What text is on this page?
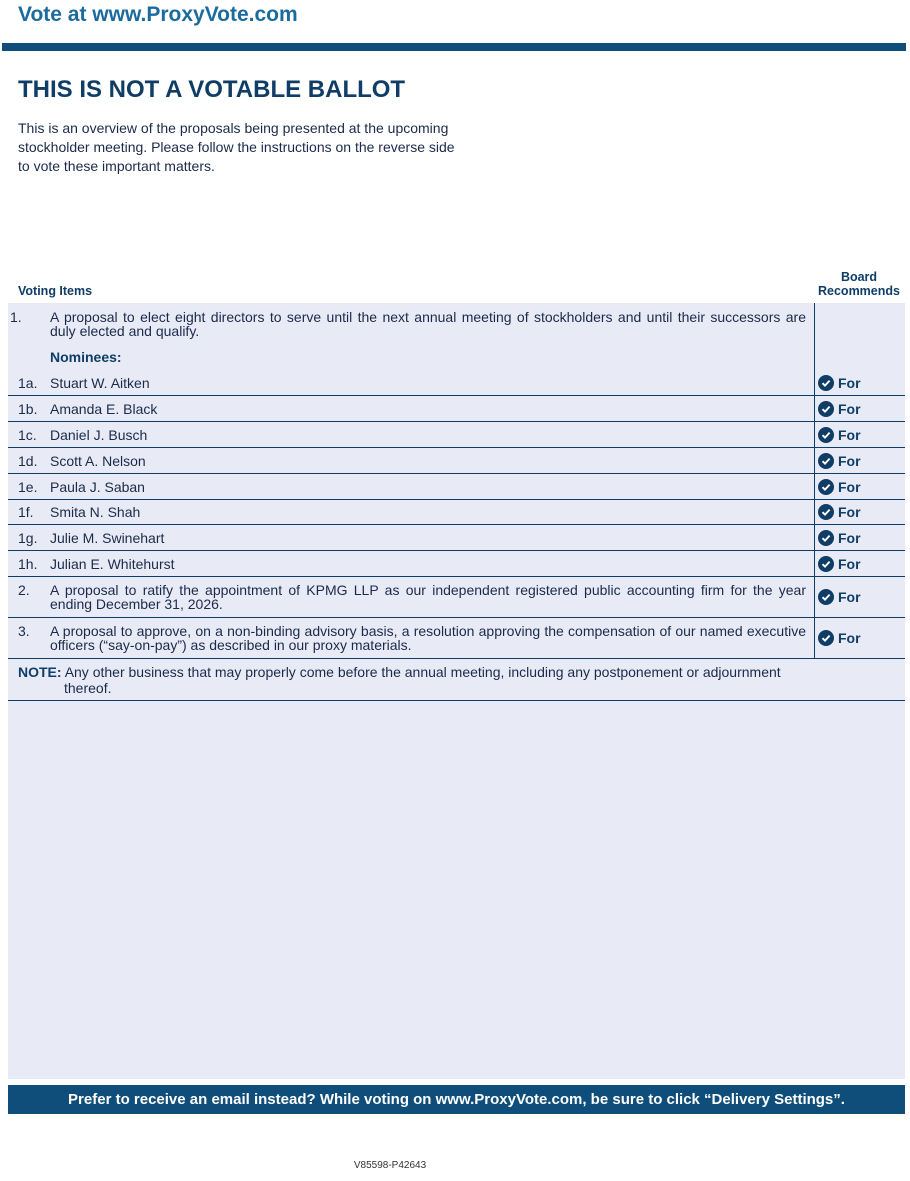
Vote at www.ProxyVote.com
THIS IS NOT A VOTABLE BALLOT
This is an overview of the proposals being presented at the upcoming stockholder meeting. Please follow the instructions on the reverse side to vote these important matters.
Voting Items
Board
Recommends
1. A proposal to elect eight directors to serve until the next annual meeting of stockholders and until their successors are duly elected and qualify.
Nominees:
1a. Stuart W. Aitken	For
1b. Amanda E. Black	For
1c. Daniel J. Busch	For
1d. Scott A. Nelson	For
1e. Paula J. Saban	For
1f. Smita N. Shah	For
1g. Julie M. Swinehart	For
1h. Julian E. Whitehurst	For
2. A proposal to ratify the appointment of KPMG LLP as our independent registered public accounting firm for the year ending December 31, 2026.	For
3. A proposal to approve, on a non-binding advisory basis, a resolution approving the compensation of our named executive officers (“say-on-pay”) as described in our proxy materials.	For
NOTE: Any other business that may properly come before the annual meeting, including any postponement or adjournment
thereof.
Prefer to receive an email instead? While voting on www.ProxyVote.com, be sure to click “Delivery Settings”.
V85598-P42643
